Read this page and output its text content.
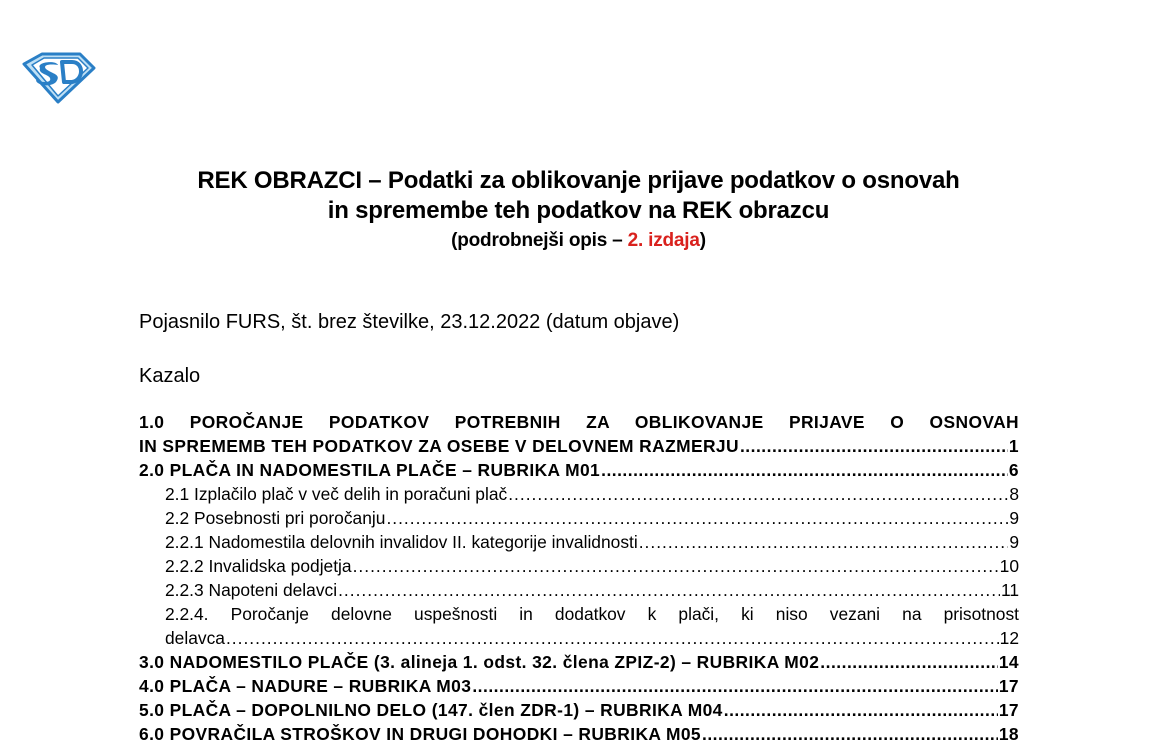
REK OBRAZCI – Podatki za oblikovanje prijave podatkov o osnovah
in spremembe teh podatkov na REK obrazcu
(podrobnejši opis – 2. izdaja)
Pojasnilo FURS, št. brez številke, 23.12.2022 (datum objave)
Kazalo
1.0 POROČANJE PODATKOV POTREBNIH ZA OBLIKOVANJE PRIJAVE O OSNOVAH
IN SPREMEMB TEH PODATKOV ZA OSEBE V DELOVNEM RAZMERJU .....	1
2.0 PLAČA IN NADOMESTILA PLAČE – RUBRIKA M01 .....	6
2.1 Izplačilo plač v več delih in poračuni plač .....	8
2.2 Posebnosti pri poročanju .....	9
2.2.1 Nadomestila delovnih invalidov II. kategorije invalidnosti .....	9
2.2.2 Invalidska podjetja .....	10
2.2.3 Napoteni delavci .....	11
2.2.4. Poročanje delovne uspešnosti in dodatkov k plači, ki niso vezani na prisotnost
delavca .....	12
3.0 NADOMESTILO PLAČE (3. alineja 1. odst. 32. člena ZPIZ-2) – RUBRIKA M02 .....	14
4.0 PLAČA – NADURE – RUBRIKA M03 .....	17
5.0 PLAČA – DOPOLNILNO DELO (147. člen ZDR-1) – RUBRIKA M04 .....	17
6.0 POVRAČILA STROŠKOV IN DRUGI DOHODKI – RUBRIKA M05 .....	18
